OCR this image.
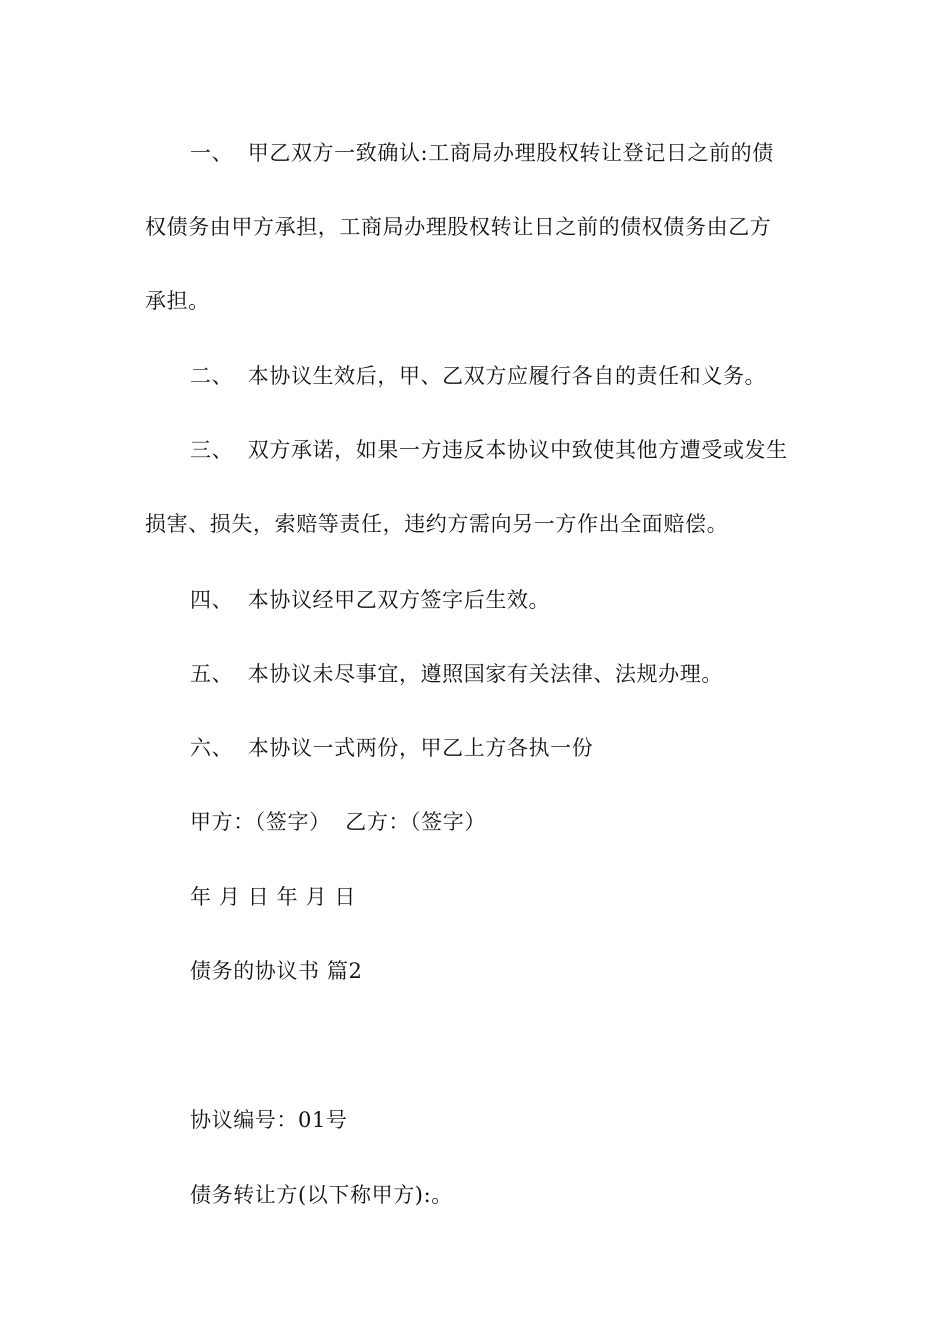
一、  甲乙双方一致确认:工商局办理股权转让登记日之前的债
权债务由甲方承担，工商局办理股权转让日之前的债权债务由乙方
承担。
二、  本协议生效后，甲、乙双方应履行各自的责任和义务。
三、  双方承诺，如果一方违反本协议中致使其他方遭受或发生
损害、损失，索赔等责任，违约方需向另一方作出全面赔偿。
四、  本协议经甲乙双方签字后生效。
五、  本协议未尽事宜，遵照国家有关法律、法规办理。
六、  本协议一式两份，甲乙上方各执一份
甲方：（签字）  乙方：（签字）
年 月 日 年 月 日
债务的协议书 篇2
协议编号：01号
债务转让方(以下称甲方):。
